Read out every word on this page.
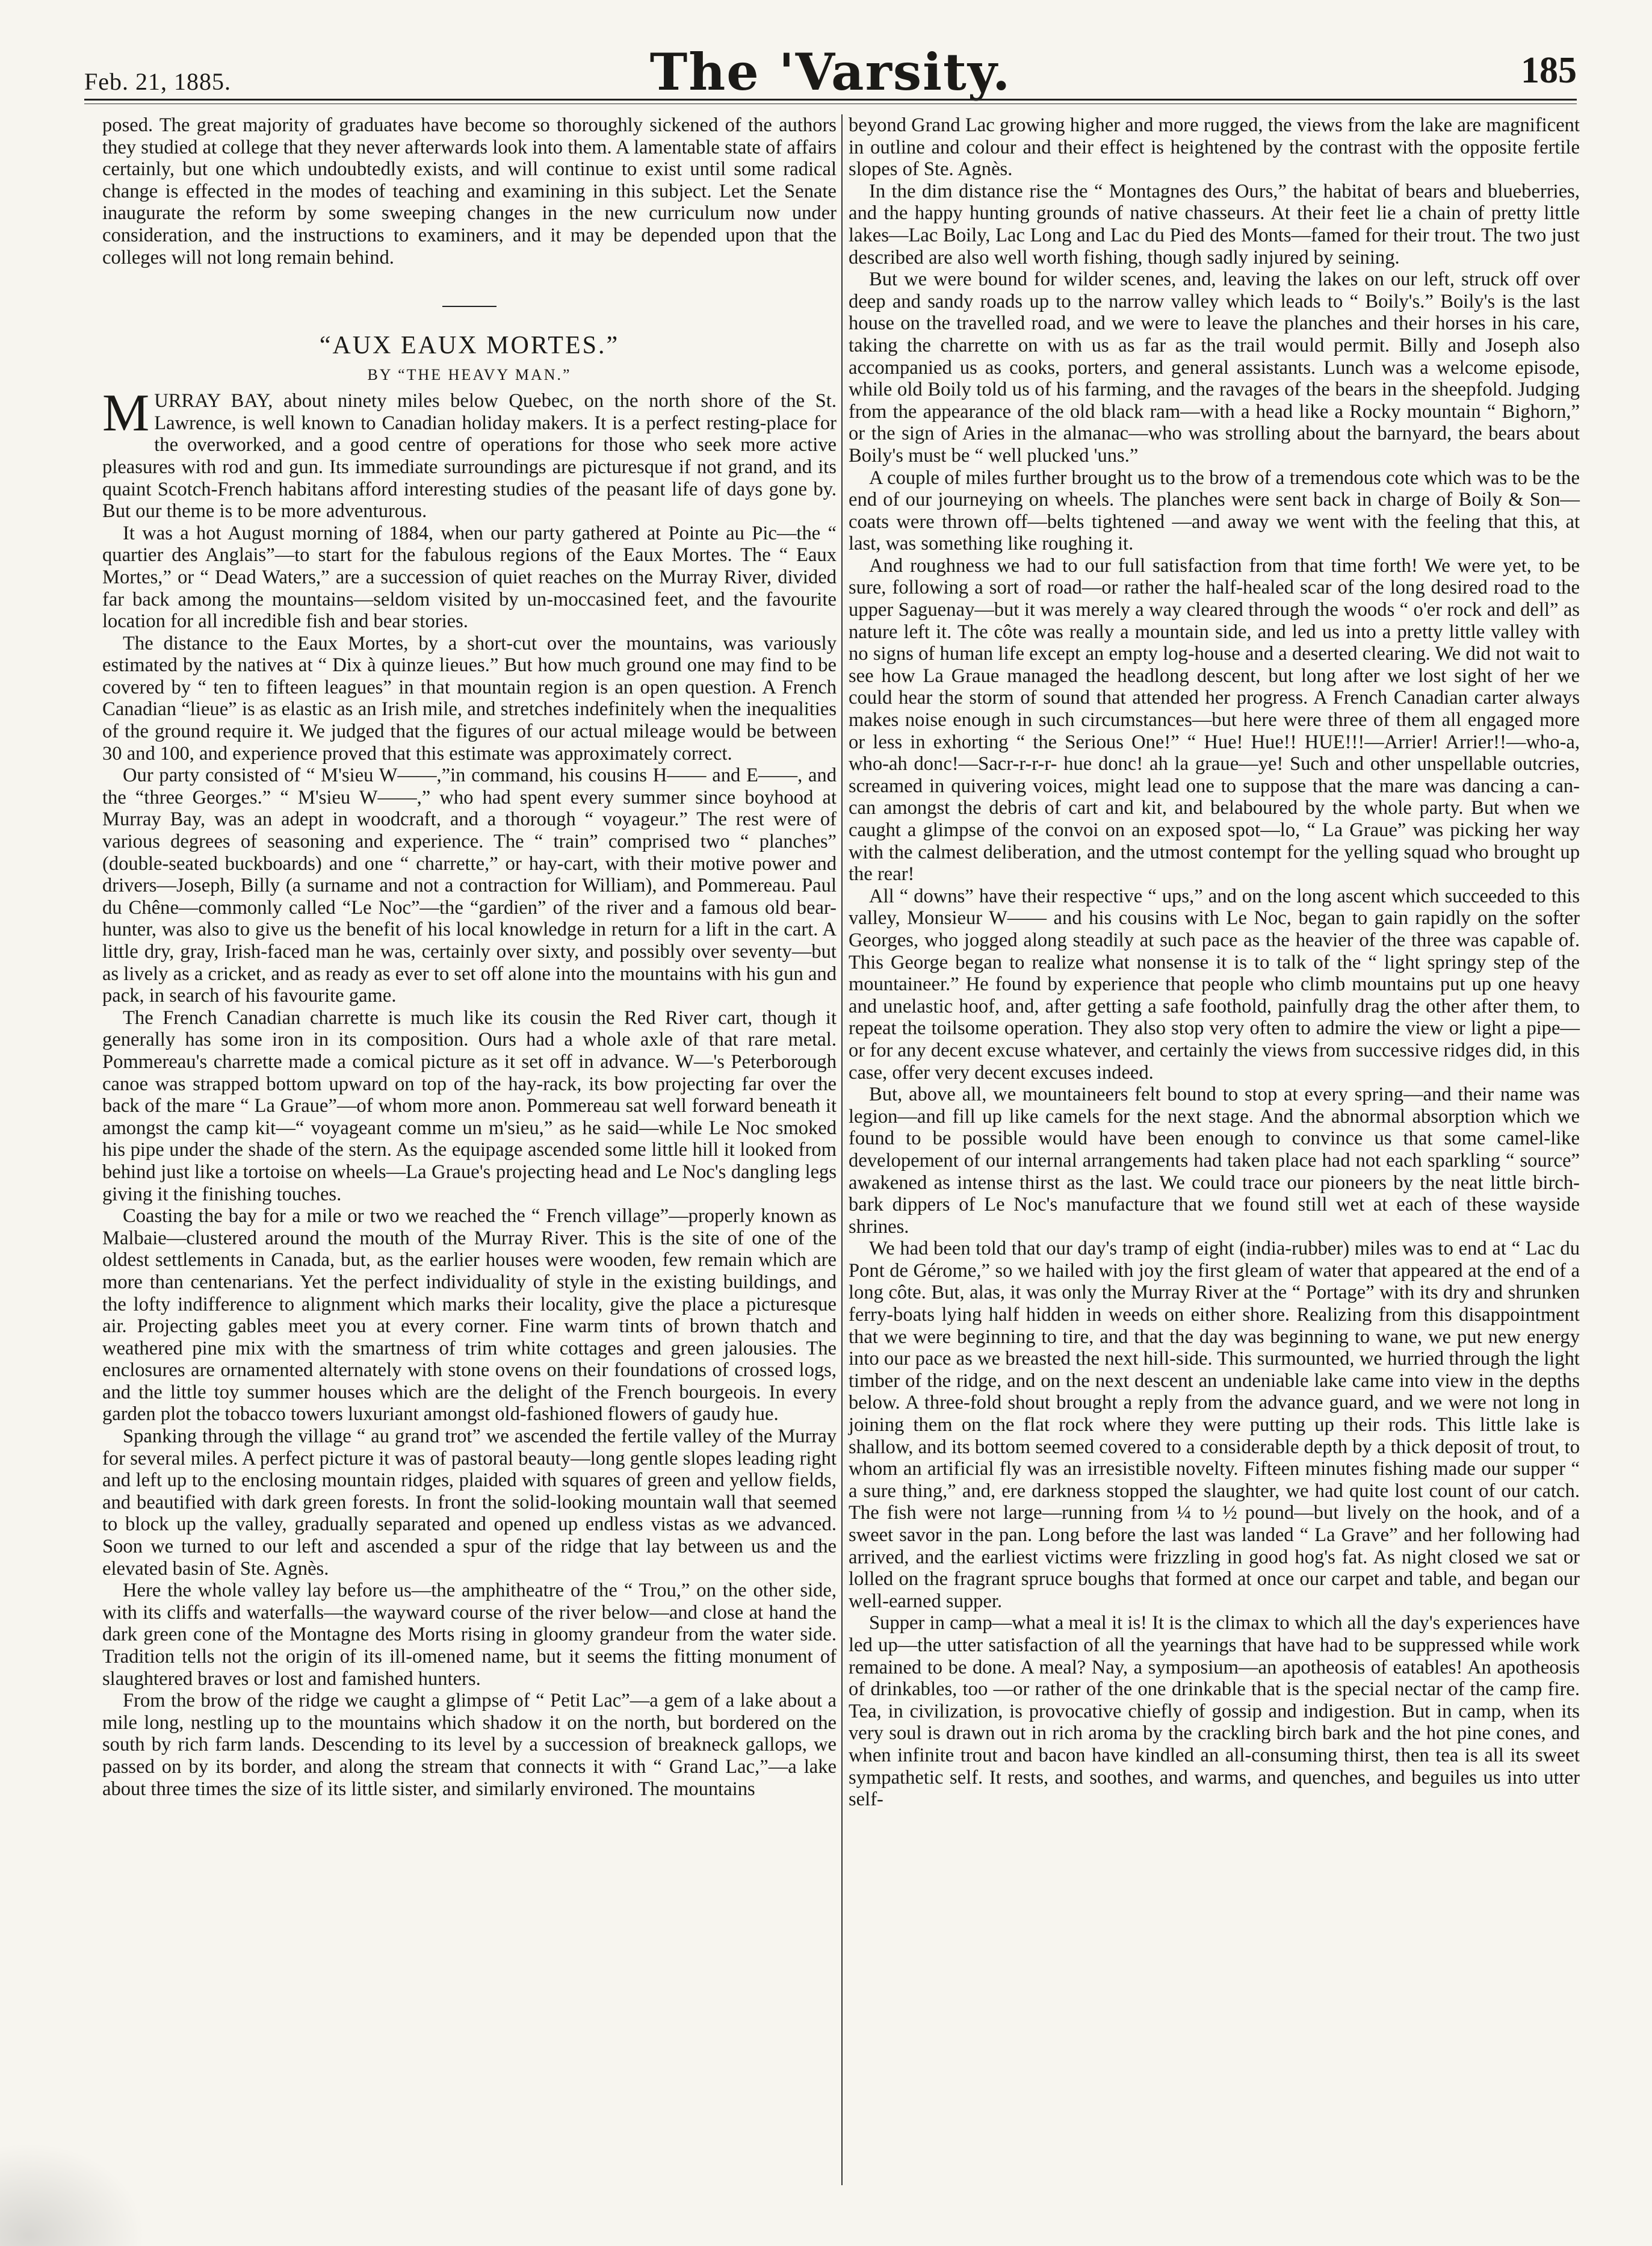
Feb. 21, 1885.	The 'Varsity.	185

posed. The great majority of graduates have become so thoroughly sickened of the authors they studied at college that they never afterwards look into them. A lamentable state of affairs certainly, but one which undoubtedly exists, and will continue to exist until some radical change is effected in the modes of teaching and examining in this subject. Let the Senate inaugurate the reform by some sweeping changes in the new curriculum now under consideration, and the instructions to examiners, and it may be depended upon that the colleges will not long remain behind.

“AUX EAUX MORTES.”
BY “THE HEAVY MAN.”

MURRAY BAY, about ninety miles below Quebec, on the north shore of the St. Lawrence, is well known to Canadian holiday makers. It is a perfect resting-place for the overworked, and a good centre of operations for those who seek more active pleasures with rod and gun. Its immediate surroundings are picturesque if not grand, and its quaint Scotch-French habitans afford interesting studies of the peasant life of days gone by. But our theme is to be more adventurous.

It was a hot August morning of 1884, when our party gathered at Pointe au Pic—the “ quartier des Anglais”—to start for the fabulous regions of the Eaux Mortes. The “ Eaux Mortes,” or “ Dead Waters,” are a succession of quiet reaches on the Murray River, divided far back among the mountains—seldom visited by un-moccasined feet, and the favourite location for all incredible fish and bear stories.

The distance to the Eaux Mortes, by a short-cut over the mountains, was variously estimated by the natives at “ Dix à quinze lieues.” But how much ground one may find to be covered by “ ten to fifteen leagues” in that mountain region is an open question. A French Canadian “lieue” is as elastic as an Irish mile, and stretches indefinitely when the inequalities of the ground require it. We judged that the figures of our actual mileage would be between 30 and 100, and experience proved that this estimate was approximately correct.

Our party consisted of “ M'sieu W——,”in command, his cousins H—— and E——, and the “three Georges.” “ M'sieu W——,” who had spent every summer since boyhood at Murray Bay, was an adept in woodcraft, and a thorough “ voyageur.” The rest were of various degrees of seasoning and experience. The “ train” comprised two “ planches” (double-seated buckboards) and one “ charrette,” or hay-cart, with their motive power and drivers—Joseph, Billy (a surname and not a contraction for William), and Pommereau. Paul du Chêne—commonly called “Le Noc”—the “gardien” of the river and a famous old bear-hunter, was also to give us the benefit of his local knowledge in return for a lift in the cart. A little dry, gray, Irish-faced man he was, certainly over sixty, and possibly over seventy—but as lively as a cricket, and as ready as ever to set off alone into the mountains with his gun and pack, in search of his favourite game.

The French Canadian charrette is much like its cousin the Red River cart, though it generally has some iron in its composition. Ours had a whole axle of that rare metal. Pommereau's charrette made a comical picture as it set off in advance. W—'s Peterborough canoe was strapped bottom upward on top of the hay-rack, its bow projecting far over the back of the mare “ La Graue”—of whom more anon. Pommereau sat well forward beneath it amongst the camp kit—“ voyageant comme un m'sieu,” as he said—while Le Noc smoked his pipe under the shade of the stern. As the equipage ascended some little hill it looked from behind just like a tortoise on wheels—La Graue's projecting head and Le Noc's dangling legs giving it the finishing touches.

Coasting the bay for a mile or two we reached the “ French village”—properly known as Malbaie—clustered around the mouth of the Murray River. This is the site of one of the oldest settlements in Canada, but, as the earlier houses were wooden, few remain which are more than centenarians. Yet the perfect individuality of style in the existing buildings, and the lofty indifference to alignment which marks their locality, give the place a picturesque air. Projecting gables meet you at every corner. Fine warm tints of brown thatch and weathered pine mix with the smartness of trim white cottages and green jalousies. The enclosures are ornamented alternately with stone ovens on their foundations of crossed logs, and the little toy summer houses which are the delight of the French bourgeois. In every garden plot the tobacco towers luxuriant amongst old-fashioned flowers of gaudy hue.

Spanking through the village “ au grand trot” we ascended the fertile valley of the Murray for several miles. A perfect picture it was of pastoral beauty—long gentle slopes leading right and left up to the enclosing mountain ridges, plaided with squares of green and yellow fields, and beautified with dark green forests. In front the solid-looking mountain wall that seemed to block up the valley, gradually separated and opened up endless vistas as we advanced. Soon we turned to our left and ascended a spur of the ridge that lay between us and the elevated basin of Ste. Agnès.

Here the whole valley lay before us—the amphitheatre of the “ Trou,” on the other side, with its cliffs and waterfalls—the wayward course of the river below—and close at hand the dark green cone of the Montagne des Morts rising in gloomy grandeur from the water side. Tradition tells not the origin of its ill-omened name, but it seems the fitting monument of slaughtered braves or lost and famished hunters.

From the brow of the ridge we caught a glimpse of “ Petit Lac”—a gem of a lake about a mile long, nestling up to the mountains which shadow it on the north, but bordered on the south by rich farm lands. Descending to its level by a succession of breakneck gallops, we passed on by its border, and along the stream that connects it with “ Grand Lac,”—a lake about three times the size of its little sister, and similarly environed. The mountains

beyond Grand Lac growing higher and more rugged, the views from the lake are magnificent in outline and colour and their effect is heightened by the contrast with the opposite fertile slopes of Ste. Agnès.

In the dim distance rise the “ Montagnes des Ours,” the habitat of bears and blueberries, and the happy hunting grounds of native chasseurs. At their feet lie a chain of pretty little lakes—Lac Boily, Lac Long and Lac du Pied des Monts—famed for their trout. The two just described are also well worth fishing, though sadly injured by seining.

But we were bound for wilder scenes, and, leaving the lakes on our left, struck off over deep and sandy roads up to the narrow valley which leads to “ Boily's.” Boily's is the last house on the travelled road, and we were to leave the planches and their horses in his care, taking the charrette on with us as far as the trail would permit. Billy and Joseph also accompanied us as cooks, porters, and general assistants. Lunch was a welcome episode, while old Boily told us of his farming, and the ravages of the bears in the sheepfold. Judging from the appearance of the old black ram—with a head like a Rocky mountain “ Bighorn,” or the sign of Aries in the almanac—who was strolling about the barnyard, the bears about Boily's must be “ well plucked 'uns.”

A couple of miles further brought us to the brow of a tremendous cote which was to be the end of our journeying on wheels. The planches were sent back in charge of Boily & Son—coats were thrown off—belts tightened —and away we went with the feeling that this, at last, was something like roughing it.

And roughness we had to our full satisfaction from that time forth! We were yet, to be sure, following a sort of road—or rather the half-healed scar of the long desired road to the upper Saguenay—but it was merely a way cleared through the woods “ o'er rock and dell” as nature left it. The côte was really a mountain side, and led us into a pretty little valley with no signs of human life except an empty log-house and a deserted clearing. We did not wait to see how La Graue managed the headlong descent, but long after we lost sight of her we could hear the storm of sound that attended her progress. A French Canadian carter always makes noise enough in such circumstances—but here were three of them all engaged more or less in exhorting “ the Serious One!” “ Hue! Hue!! HUE!!!—Arrier! Arrier!!—who-a, who-ah donc!—Sacr-r-r-r- hue donc! ah la graue—ye! Such and other unspellable outcries, screamed in quivering voices, might lead one to suppose that the mare was dancing a can-can amongst the debris of cart and kit, and belaboured by the whole party. But when we caught a glimpse of the convoi on an exposed spot—lo, “ La Graue” was picking her way with the calmest deliberation, and the utmost contempt for the yelling squad who brought up the rear!

All “ downs” have their respective “ ups,” and on the long ascent which succeeded to this valley, Monsieur W—— and his cousins with Le Noc, began to gain rapidly on the softer Georges, who jogged along steadily at such pace as the heavier of the three was capable of. This George began to realize what nonsense it is to talk of the “ light springy step of the mountaineer.” He found by experience that people who climb mountains put up one heavy and unelastic hoof, and, after getting a safe foothold, painfully drag the other after them, to repeat the toilsome operation. They also stop very often to admire the view or light a pipe—or for any decent excuse whatever, and certainly the views from successive ridges did, in this case, offer very decent excuses indeed.

But, above all, we mountaineers felt bound to stop at every spring—and their name was legion—and fill up like camels for the next stage. And the abnormal absorption which we found to be possible would have been enough to convince us that some camel-like developement of our internal arrangements had taken place had not each sparkling “ source” awakened as intense thirst as the last. We could trace our pioneers by the neat little birch-bark dippers of Le Noc's manufacture that we found still wet at each of these wayside shrines.

We had been told that our day's tramp of eight (india-rubber) miles was to end at “ Lac du Pont de Gérome,” so we hailed with joy the first gleam of water that appeared at the end of a long côte. But, alas, it was only the Murray River at the “ Portage” with its dry and shrunken ferry-boats lying half hidden in weeds on either shore. Realizing from this disappointment that we were beginning to tire, and that the day was beginning to wane, we put new energy into our pace as we breasted the next hill-side. This surmounted, we hurried through the light timber of the ridge, and on the next descent an undeniable lake came into view in the depths below. A three-fold shout brought a reply from the advance guard, and we were not long in joining them on the flat rock where they were putting up their rods. This little lake is shallow, and its bottom seemed covered to a considerable depth by a thick deposit of trout, to whom an artificial fly was an irresistible novelty. Fifteen minutes fishing made our supper “ a sure thing,” and, ere darkness stopped the slaughter, we had quite lost count of our catch. The fish were not large—running from ¼ to ½ pound—but lively on the hook, and of a sweet savor in the pan. Long before the last was landed “ La Grave” and her following had arrived, and the earliest victims were frizzling in good hog's fat. As night closed we sat or lolled on the fragrant spruce boughs that formed at once our carpet and table, and began our well-earned supper.

Supper in camp—what a meal it is! It is the climax to which all the day's experiences have led up—the utter satisfaction of all the yearnings that have had to be suppressed while work remained to be done. A meal? Nay, a symposium—an apotheosis of eatables! An apotheosis of drinkables, too —or rather of the one drinkable that is the special nectar of the camp fire. Tea, in civilization, is provocative chiefly of gossip and indigestion. But in camp, when its very soul is drawn out in rich aroma by the crackling birch bark and the hot pine cones, and when infinite trout and bacon have kindled an all-consuming thirst, then tea is all its sweet sympathetic self. It rests, and soothes, and warms, and quenches, and beguiles us into utter self-
